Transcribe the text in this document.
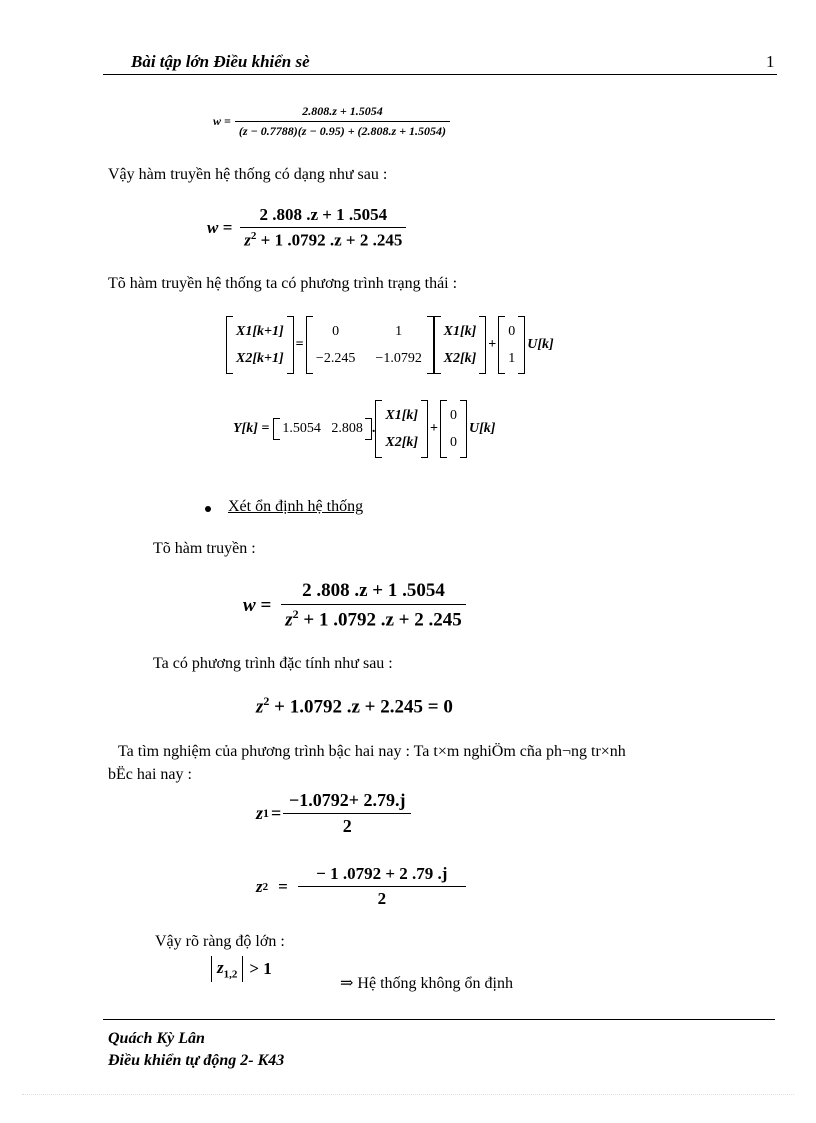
Bài tập lớn Điều khiển sè	1
$w = \frac{2.808.z + 1.5054}{(z - 0.7788)(z - 0.95) + (2.808.z + 1.5054)}$
Vậy hàm truyền hệ thống có dạng như sau :
$w = \frac{2 .808 .z + 1 .5054}{z^2 + 1 .0792 .z + 2 .245}$
Tõ hàm truyền hệ thống ta có phương trình trạng thái :
X1[k+1]
X2[k+1]
=
0	1
−2.245 −1.0792
X1[k]
X2[k]
+
0
1
U[k]
Y[k] = 1.5054 2.808 .
X1[k]
X2[k]
+
0
0
U[k]
Xét ổn định hệ thống
Tõ hàm truyền :
$w = \frac{2 .808 .z + 1 .5054}{z^2 + 1 .0792 .z + 2 .245}$
Ta có phương trình đặc tính như sau :
$z^2 + 1.0792$ .z + 2.245 = 0
Ta tìm nghiệm của phương trình bậc hai nay : Ta t×m nghiÖm cña ph¬ng tr×nh
bËc hai nay :
z $1 = \frac{-1.0792+ 2.79.j}{2}$
z $2 = \frac{- 1 .0792 + 2 .79 .j}{2}$
Vậy rõ ràng độ lớn :
$z_{1,2} > 1$
⇒ Hệ thống không ổn định
Quách Kỳ Lân
Điều khiển tự động 2- K43
